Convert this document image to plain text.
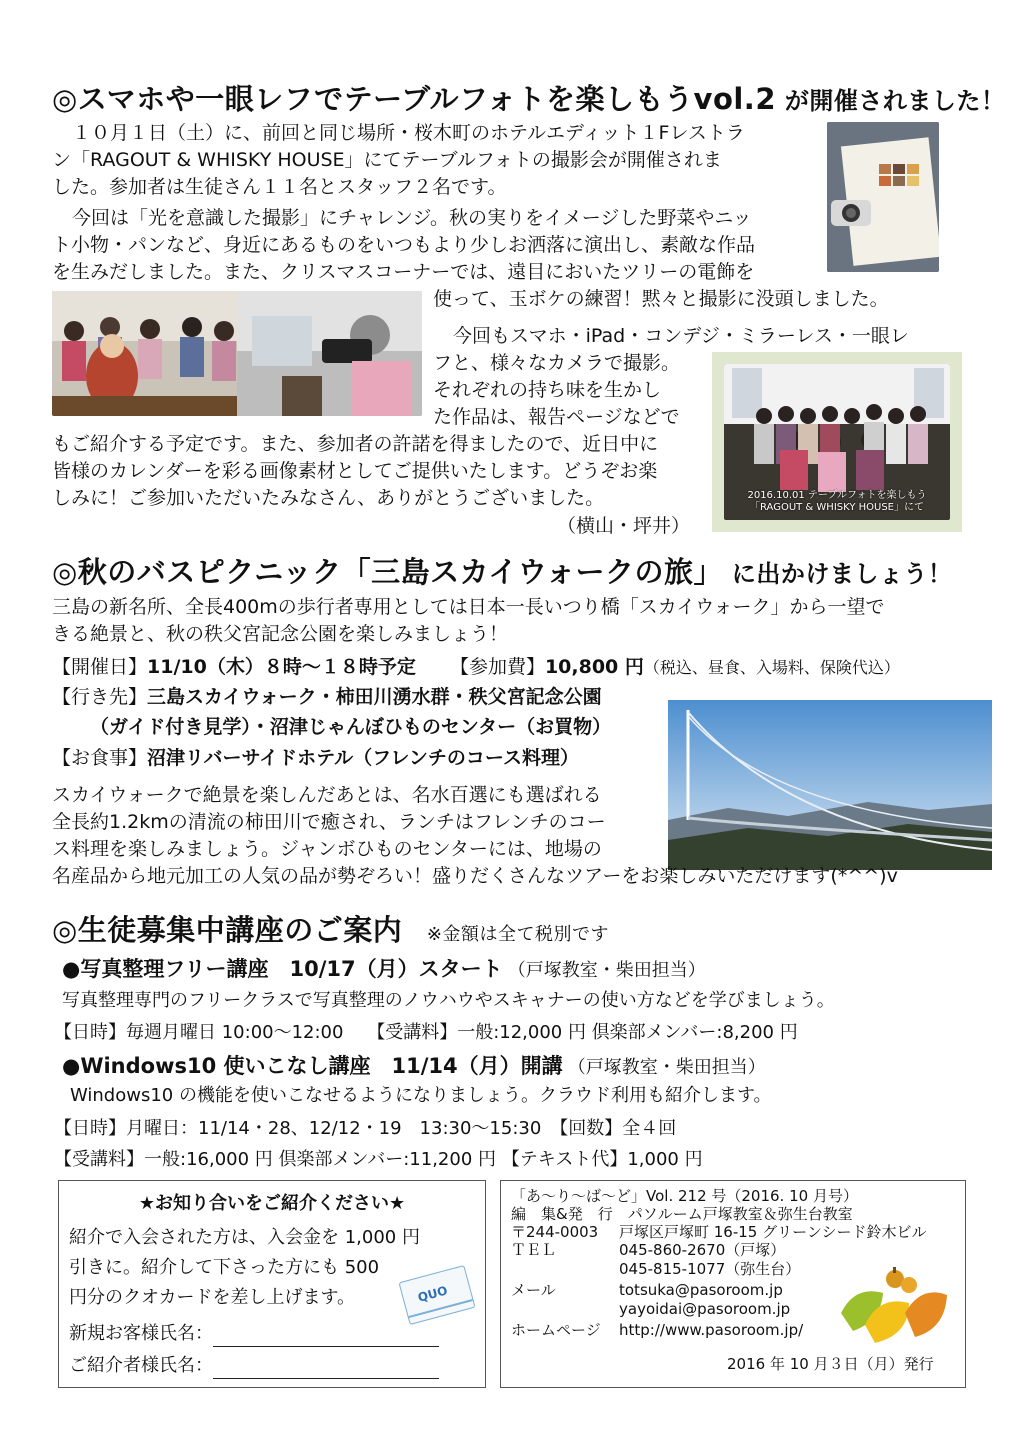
◎スマホや一眼レフでテーブルフォトを楽しもうvol.2 が開催されました！
１０月１日（土）に、前回と同じ場所・桜木町のホテルエディット１Fレストラ
ン「RAGOUT & WHISKY HOUSE」にてテーブルフォトの撮影会が開催されま
した。参加者は生徒さん１１名とスタッフ２名です。
今回は「光を意識した撮影」にチャレンジ。秋の実りをイメージした野菜やニッ
ト小物・パンなど、身近にあるものをいつもより少しお洒落に演出し、素敵な作品
を生みだしました。また、クリスマスコーナーでは、遠目においたツリーの電飾を
使って、玉ボケの練習！黙々と撮影に没頭しました。
今回もスマホ・iPad・コンデジ・ミラーレス・一眼レ
フと、様々なカメラで撮影。
それぞれの持ち味を生かし
た作品は、報告ページなどで
もご紹介する予定です。また、参加者の許諾を得ましたので、近日中に
皆様のカレンダーを彩る画像素材としてご提供いたします。どうぞお楽
しみに！ご参加いただいたみなさん、ありがとうございました。
（横山・坪井）
2016.10.01 テーブルフォトを楽しもう
「RAGOUT & WHISKY HOUSE」にて
◎秋のバスピクニック「三島スカイウォークの旅」 に出かけましょう！
三島の新名所、全長400mの歩行者専用としては日本一長いつり橋「スカイウォーク」から一望で
きる絶景と、秋の秩父宮記念公園を楽しみましょう！
【開催日】11/10（木）８時～１８時予定 【参加費】10,800 円（税込、昼食、入場料、保険代込）
【行き先】三島スカイウォーク・柿田川湧水群・秩父宮記念公園
（ガイド付き見学）・沼津じゃんぼひものセンター（お買物）
【お食事】沼津リバーサイドホテル（フレンチのコース料理）
スカイウォークで絶景を楽しんだあとは、名水百選にも選ばれる
全長約1.2kmの清流の柿田川で癒され、ランチはフレンチのコー
ス料理を楽しみましょう。ジャンボひものセンターには、地場の
名産品から地元加工の人気の品が勢ぞろい！盛りだくさんなツアーをお楽しみいただけます(*^^)v
◎生徒募集中講座のご案内 ※金額は全て税別です
●写真整理フリー講座　10/17（月）スタート （戸塚教室・柴田担当）
写真整理専門のフリークラスで写真整理のノウハウやスキャナーの使い方などを学びましょう。
【日時】毎週月曜日 10:00～12:00　 【受講料】一般:12,000 円 倶楽部メンバー:8,200 円
●Windows10 使いこなし講座　11/14（月）開講 （戸塚教室・柴田担当）
Windows10 の機能を使いこなせるようになりましょう。クラウド利用も紹介します。
【日時】月曜日：11/14・28、12/12・19　13:30～15:30　【回数】全４回
【受講料】一般:16,000 円 倶楽部メンバー:11,200 円 【テキスト代】1,000 円
★お知り合いをご紹介ください★
紹介で入会された方は、入会金を 1,000 円
引きに。紹介して下さった方にも 500
円分のクオカードを差し上げます。	QUO
新規お客様氏名：
ご紹介者様氏名：
「あ～り～ば～ど」Vol. 212 号（2016. 10 月号）
編　集&発　行　パソルーム戸塚教室＆弥生台教室
〒244-0003 戸塚区戸塚町 16-15 グリーンシード鈴木ビル
ＴＥＬ	045-860-2670（戸塚）
045-815-1077（弥生台）
メール	totsuka@pasoroom.jp
yayoidai@pasoroom.jp
ホームページ http://www.pasoroom.jp/
2016 年 10 月３日（月）発行
